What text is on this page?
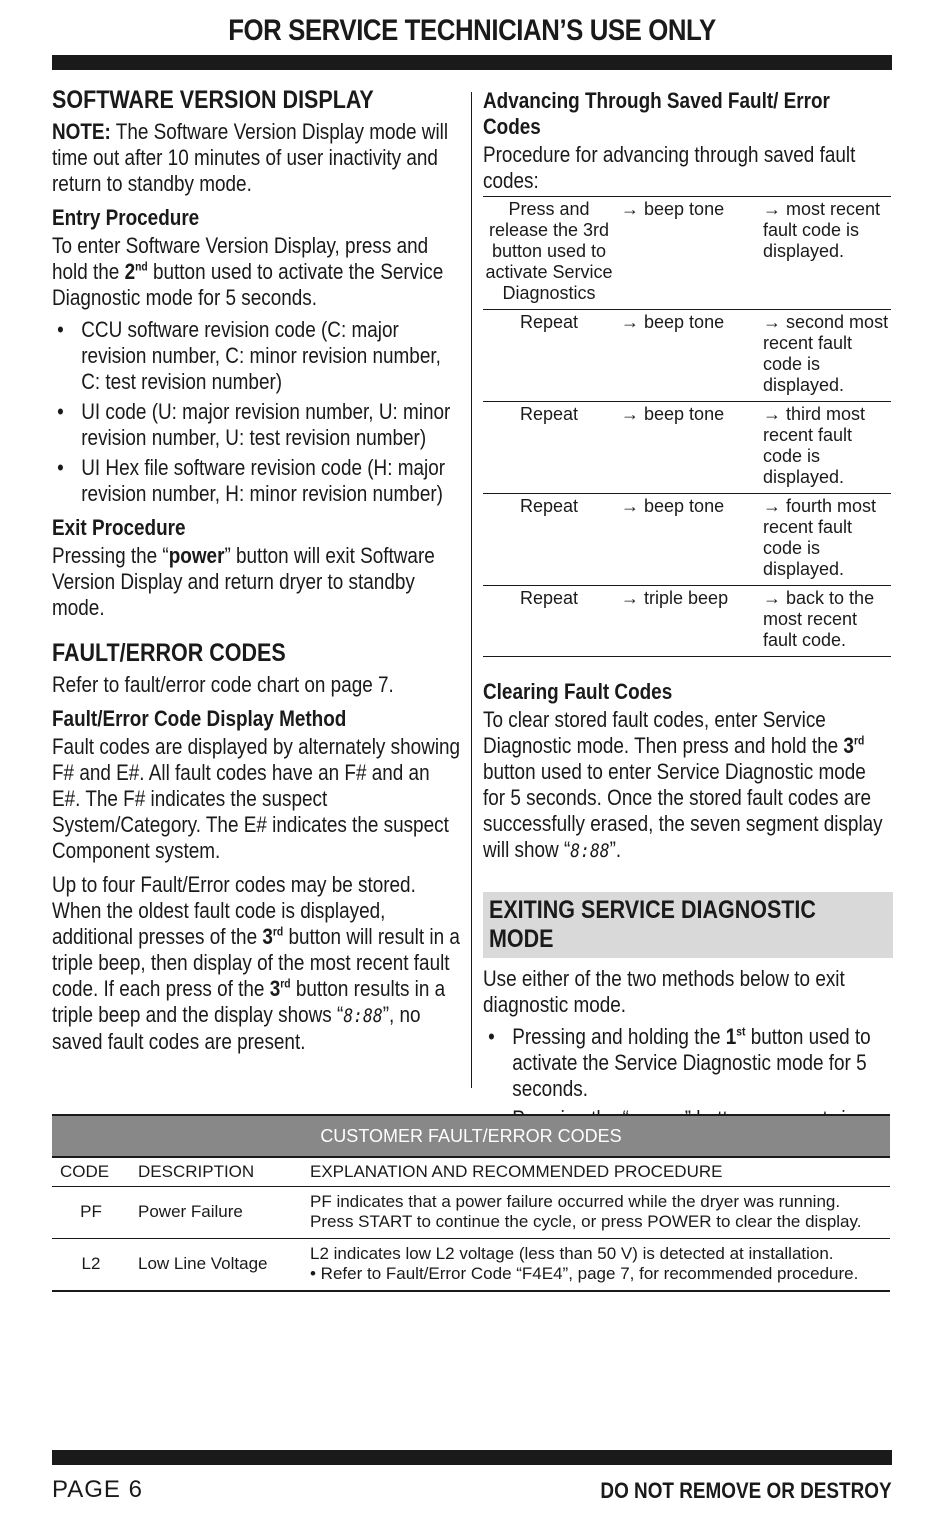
FOR SERVICE TECHNICIAN’S USE ONLY
SOFTWARE VERSION DISPLAY

NOTE: The Software Version Display mode will time out after 10 minutes of user inactivity and return to standby mode.

Entry Procedure

To enter Software Version Display, press and hold the 2nd button used to activate the Service Diagnostic mode for 5 seconds.

• CCU software revision code (C: major revision number, C: minor revision number, C: test revision number)
• UI code (U: major revision number, U: minor revision number, U: test revision number)
• UI Hex file software revision code (H: major revision number, H: minor revision number)
Exit Procedure

Pressing the “power” button will exit Software Version Display and return dryer to standby mode.

FAULT/ERROR CODES

Refer to fault/error code chart on page 7.

Fault/Error Code Display Method

Fault codes are displayed by alternately showing F# and E#. All fault codes have an F# and an E#. The F# indicates the suspect System/Category. The E# indicates the suspect Component system.

Up to four Fault/Error codes may be stored. When the oldest fault code is displayed, additional presses of the 3rd button will result in a triple beep, then display of the most recent fault code. If each press of the 3rd button results in a triple beep and the display shows “8:88”, no saved fault codes are present.

Advancing Through Saved Fault/ Error Codes

Procedure for advancing through saved fault codes:

Press and release the 3rd button used to activate Service Diagnostics	→ beep tone	→ most recent fault code is displayed.
Repeat	→ beep tone	→ second most recent fault code is displayed.
Repeat	→ beep tone	→ third most recent fault code is displayed.
Repeat	→ beep tone	→ fourth most recent fault code is displayed.
Repeat	→ triple beep	→ back to the most recent fault code.
Clearing Fault Codes

To clear stored fault codes, enter Service Diagnostic mode. Then press and hold the 3rd button used to enter Service Diagnostic mode for 5 seconds. Once the stored fault codes are successfully erased, the seven segment display will show “8:88”.

EXITING SERVICE DIAGNOSTIC MODE

Use either of the two methods below to exit diagnostic mode.

• Pressing and holding the 1st button used to activate the Service Diagnostic mode for 5 seconds.
•
CUSTOMER FAULT/ERROR CODES
CODE	DESCRIPTION	EXPLANATION AND RECOMMENDED PROCEDURE
PF	Power Failure	PF indicates that a power failure occurred while the dryer was running.
Press START to continue the cycle, or press POWER to clear the display.

L2	Low Line Voltage	L2 indicates low L2 voltage (less than 50 V) is detected at installation.
• Refer to Fault/Error Code “F4E4”, page 7, for recommended procedure.
PAGE 6	DO NOT REMOVE OR DESTROY
